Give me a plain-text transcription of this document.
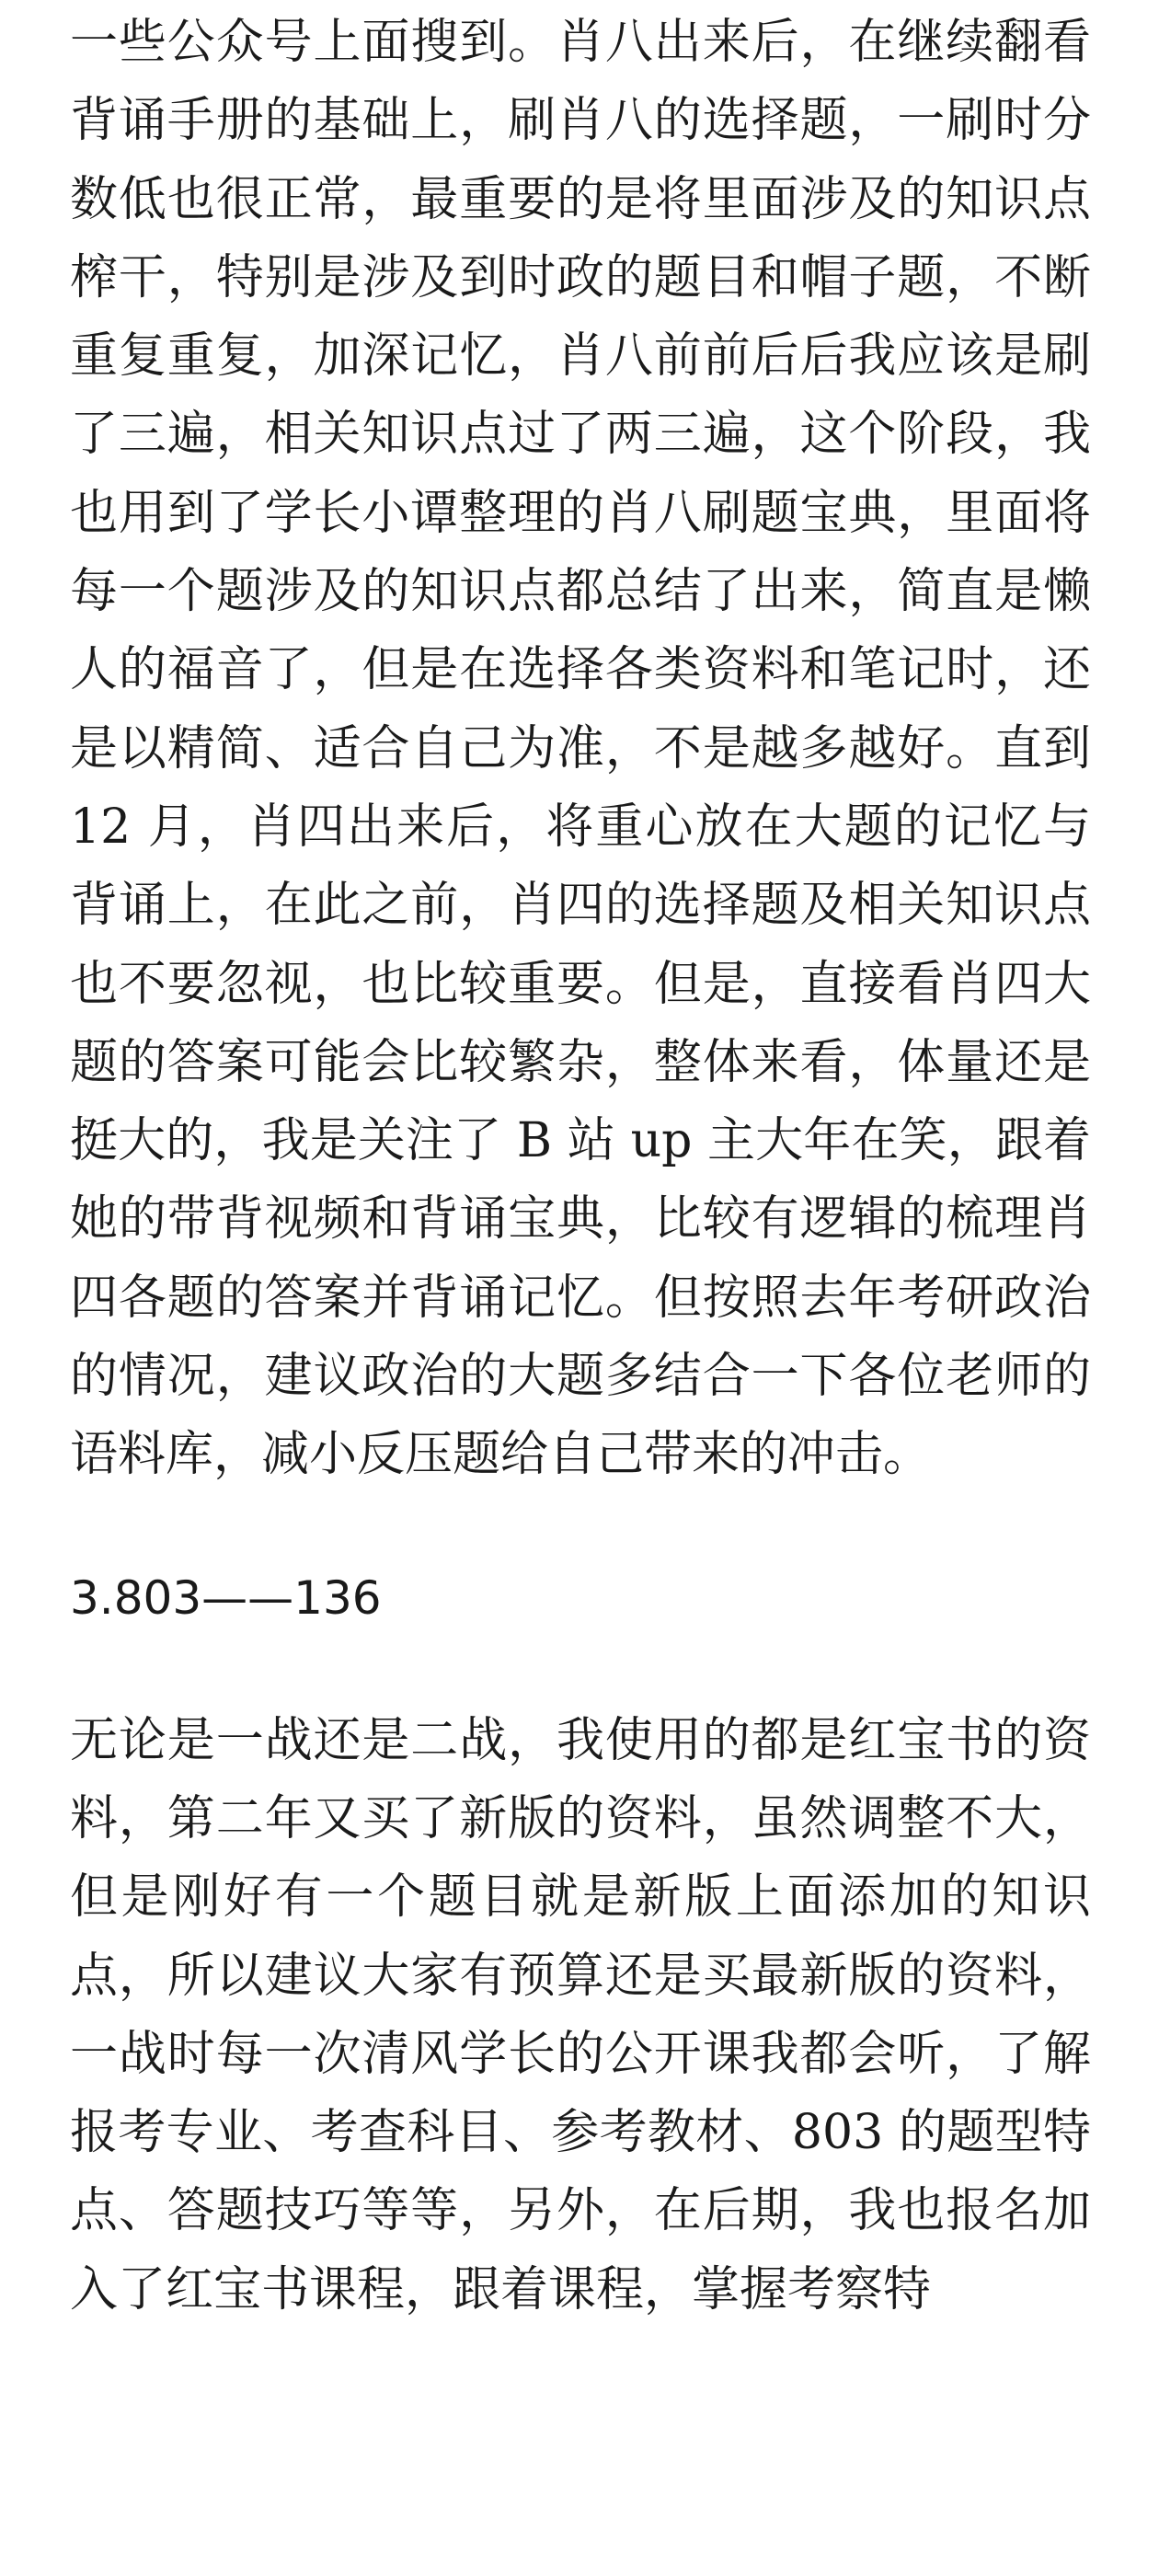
一些公众号上面搜到。肖八出来后，在继续翻看背诵手册的基础上，刷肖八的选择题，一刷时分数低也很正常，最重要的是将里面涉及的知识点榨干，特别是涉及到时政的题目和帽子题，不断重复重复，加深记忆，肖八前前后后我应该是刷了三遍，相关知识点过了两三遍，这个阶段，我也用到了学长小谭整理的肖八刷题宝典，里面将每一个题涉及的知识点都总结了出来，简直是懒人的福音了，但是在选择各类资料和笔记时，还是以精简、适合自己为准，不是越多越好。直到 12 月，肖四出来后，将重心放在大题的记忆与背诵上，在此之前，肖四的选择题及相关知识点也不要忽视，也比较重要。但是，直接看肖四大题的答案可能会比较繁杂，整体来看，体量还是挺大的，我是关注了 B 站 up 主大年在笑，跟着她的带背视频和背诵宝典，比较有逻辑的梳理肖四各题的答案并背诵记忆。但按照去年考研政治的情况，建议政治的大题多结合一下各位老师的语料库，减小反压题给自己带来的冲击。

3.803——136

无论是一战还是二战，我使用的都是红宝书的资料，第二年又买了新版的资料，虽然调整不大，但是刚好有一个题目就是新版上面添加的知识点，所以建议大家有预算还是买最新版的资料，一战时每一次清风学长的公开课我都会听，了解报考专业、考查科目、参考教材、803 的题型特点、答题技巧等等，另外，在后期，我也报名加入了红宝书课程，跟着课程，掌握考察特
